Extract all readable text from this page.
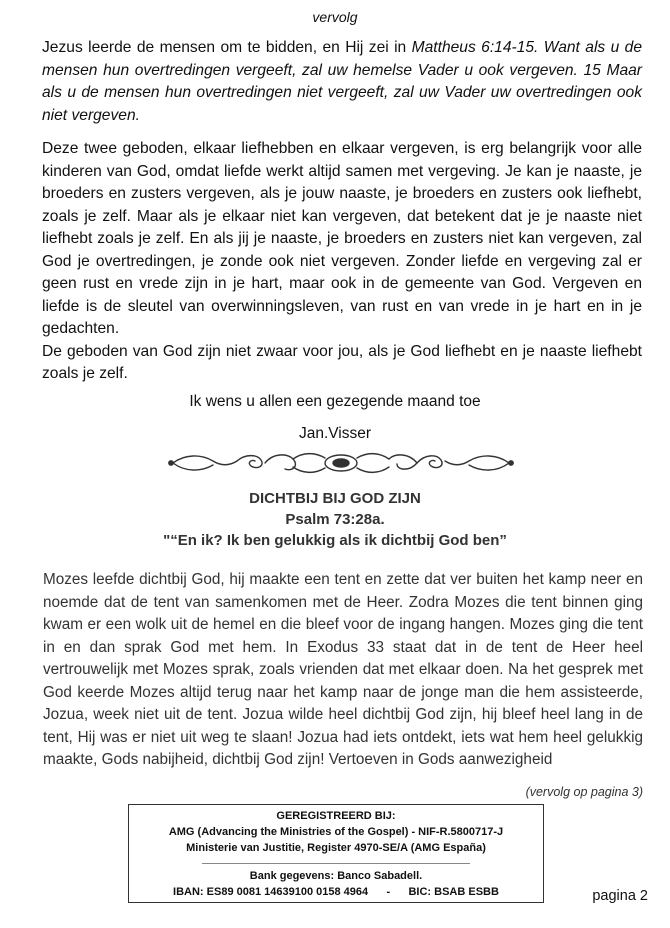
vervolg
Jezus leerde de mensen om te bidden, en Hij zei in Mattheus 6:14-15. Want als u de mensen hun overtredingen vergeeft, zal uw hemelse Vader u ook vergeven. 15 Maar als u de mensen hun overtredingen niet vergeeft, zal uw Vader uw overtredingen ook niet vergeven.
Deze twee geboden, elkaar liefhebben en elkaar vergeven, is erg belangrijk voor alle kinderen van God, omdat liefde werkt altijd samen met vergeving. Je kan je naaste, je broeders en zusters vergeven, als je jouw naaste, je broeders en zusters ook liefhebt, zoals je zelf. Maar als je elkaar niet kan vergeven, dat betekent dat je je naaste niet liefhebt zoals je zelf. En als jij je naaste, je broeders en zusters niet kan vergeven, zal God je overtredingen, je zonde ook niet vergeven. Zonder liefde en vergeving zal er geen rust en vrede zijn in je hart, maar ook in de gemeente van God. Vergeven en liefde is de sleutel van overwinningsleven, van rust en van vrede in je hart en in je gedachten.
De geboden van God zijn niet zwaar voor jou, als je God liefhebt en je naaste liefhebt zoals je zelf.
Ik wens u allen een gezegende maand toe
Jan.Visser
DICHTBIJ BIJ GOD ZIJN
Psalm 73:28a.
"“En ik? Ik ben gelukkig als ik dichtbij God ben”
Mozes leefde dichtbij God, hij maakte een tent en zette dat ver buiten het kamp neer en noemde dat de tent van samenkomen met de Heer. Zodra Mozes die tent binnen ging kwam er een wolk uit de hemel en die bleef voor de ingang hangen. Mozes ging die tent in en dan sprak God met hem. In Exodus 33 staat dat in de tent de Heer heel vertrouwelijk met Mozes sprak, zoals vrienden dat met elkaar doen. Na het gesprek met God keerde Mozes altijd terug naar het kamp naar de jonge man die hem assisteerde, Jozua, week niet uit de tent. Jozua wilde heel dichtbij God zijn, hij bleef heel lang in de tent, Hij was er niet uit weg te slaan! Jozua had iets ontdekt, iets wat hem heel gelukkig maakte, Gods nabijheid, dichtbij God zijn! Vertoeven in Gods aanwezigheid
(vervolg op pagina 3)
GEREGISTREERD BIJ:
AMG (Advancing the Ministries of the Gospel) - NIF-R.5800717-J
Ministerie van Justitie, Register 4970-SE/A (AMG España)
Bank gegevens: Banco Sabadell.
IBAN: ES89 0081 14639100 0158 4964      -      BIC: BSAB ESBB	pagina 2
